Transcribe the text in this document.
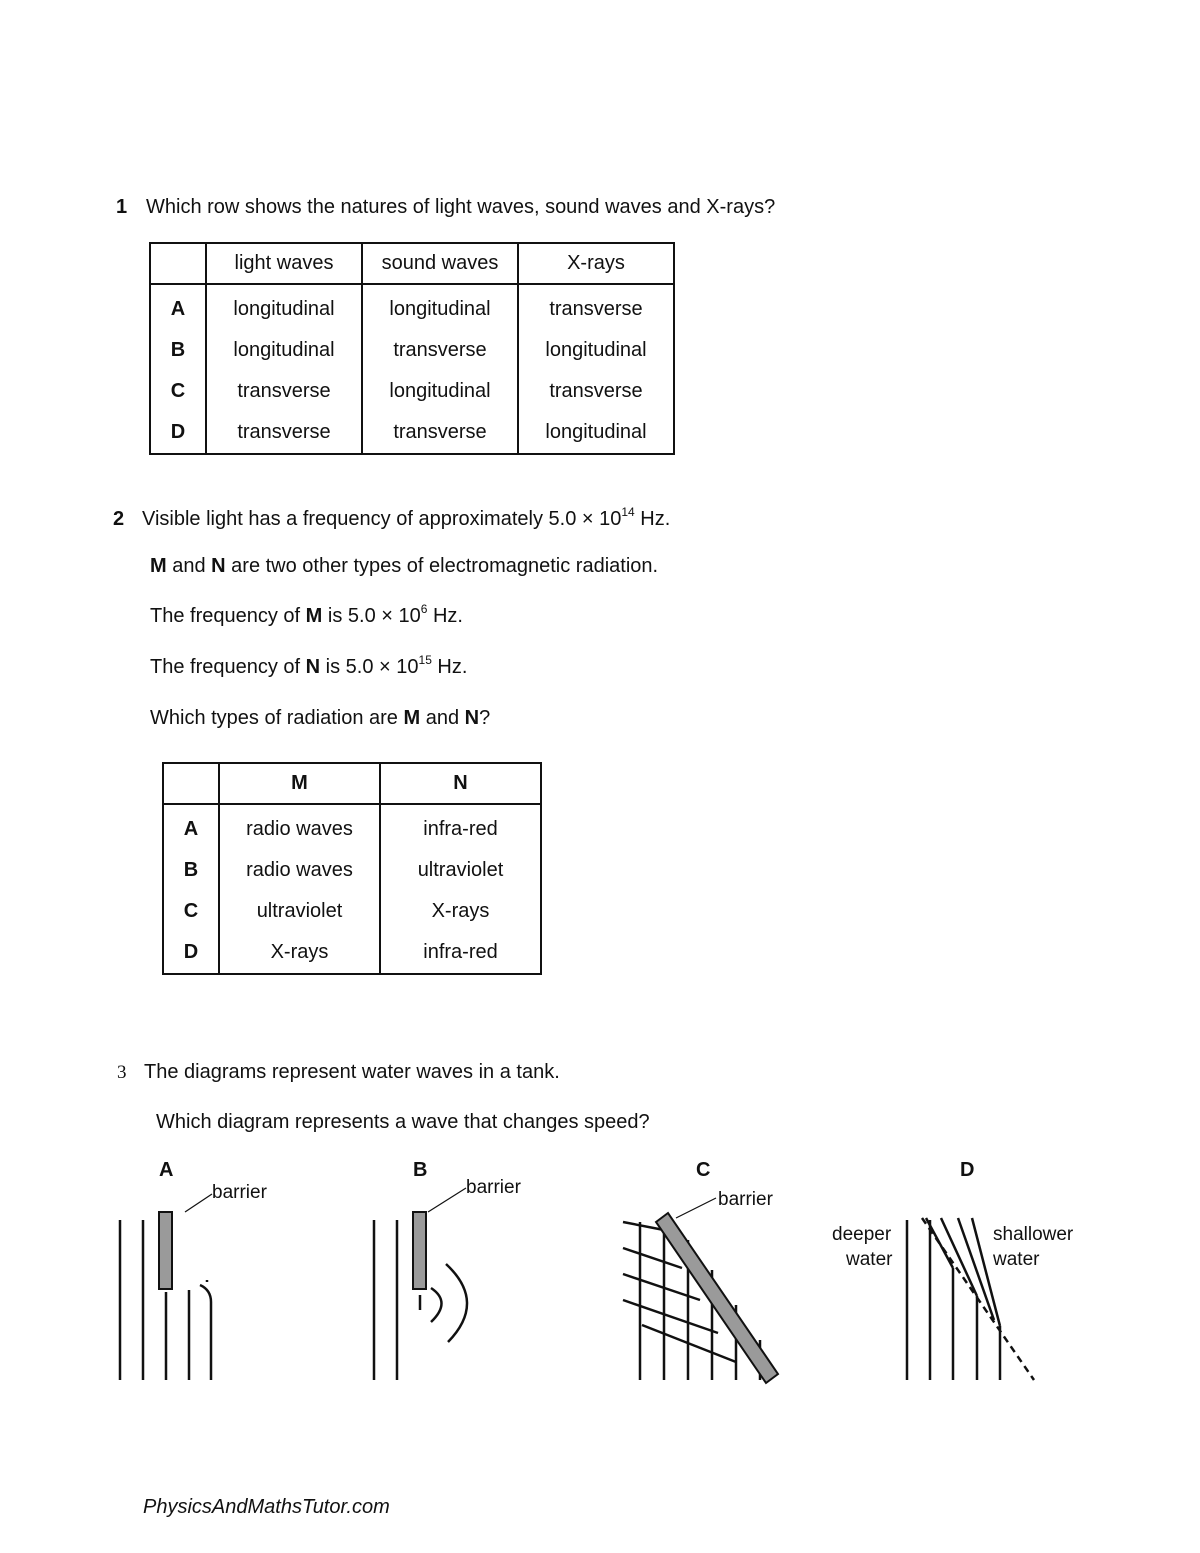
1 Which row shows the natures of light waves, sound waves and X-rays?
	light waves	sound waves	X-rays
A	longitudinal	longitudinal	transverse
B	longitudinal	transverse	longitudinal
C	transverse	longitudinal	transverse
D	transverse	transverse	longitudinal
2 Visible light has a frequency of approximately $5.0 \times 10^{14}$ Hz.
M and N are two other types of electromagnetic radiation.
The frequency of M is $5.0 \times 10^6$ Hz.
The frequency of N is $5.0 \times 10^{15}$ Hz.
Which types of radiation are M and N?
	M	N
A	radio waves	infra-red
B	radio waves	ultraviolet
C	ultraviolet	X-rays
D	X-rays	infra-red
3 The diagrams represent water waves in a tank.
Which diagram represents a wave that changes speed?
A	B	C	D
barrier	barrier
barrier
deeper
water
shallower
water
PhysicsAndMathsTutor.com
